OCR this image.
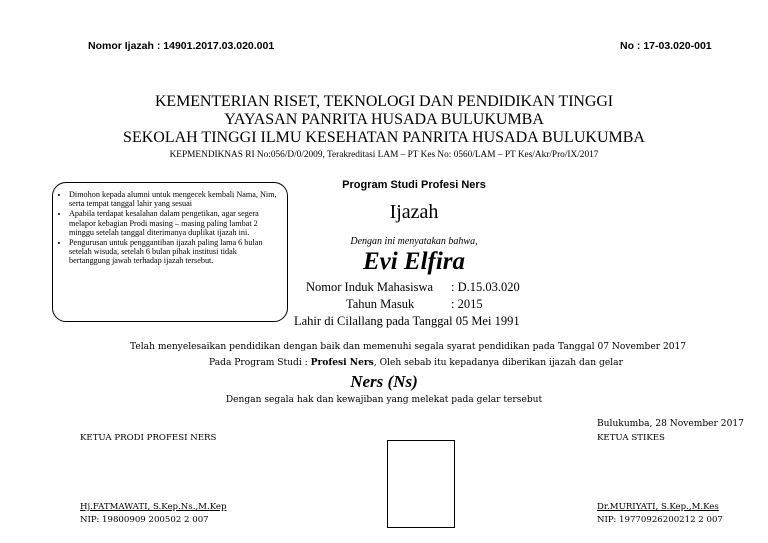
Nomor Ijazah : 14901.2017.03.020.001	No : 17-03.020-001
KEMENTERIAN RISET, TEKNOLOGI DAN PENDIDIKAN TINGGI
YAYASAN PANRITA HUSADA BULUKUMBA
SEKOLAH TINGGI ILMU KESEHATAN PANRITA HUSADA BULUKUMBA
KEPMENDIKNAS RI No:056/D/0/2009, Terakreditasi LAM – PT Kes No: 0560/LAM – PT Kes/Akr/Pro/IX/2017
• Dimohon kepada alumni untuk mengecek kembali Nama, Nim, serta tempat tanggal lahir yang sesuai
• Apabila terdapat kesalahan dalam pengetikan, agar segera melapor kebagian Prodi masing – masing paling lambat 2 minggu setelah tanggal diterimanya duplikat ijazah ini.
• Pengurusan untuk penggantiban ijazah paling lama 6 bulan setelah wisuda, setelah 6 bulan pihak institusi tidak bertanggung jawab terhadap ijazah tersebut.
Program Studi Profesi Ners
Ijazah
Dengan ini menyatakan bahwa,
Evi Elfira
Nomor Induk Mahasiswa : D.15.03.020
Tahun Masuk	: 2015
Lahir di Cilallang pada Tanggal 05 Mei 1991
Telah menyelesaikan pendidikan dengan baik dan memenuhi segala syarat pendidikan pada Tanggal 07 November 2017
Pada Program Studi : Profesi Ners, Oleh sebab itu kepadanya diberikan ijazah dan gelar
Ners (Ns)
Dengan segala hak dan kewajiban yang melekat pada gelar tersebut
Bulukumba, 28 November 2017
KETUA PRODI PROFESI NERS	KETUA STIKES
Hj.FATMAWATI, S.Kep.Ns.,M.Kep
NIP: 19800909 200502 2 007
Dr.MURIYATI, S.Kep.,M.Kes
NIP: 19770926200212 2 007
